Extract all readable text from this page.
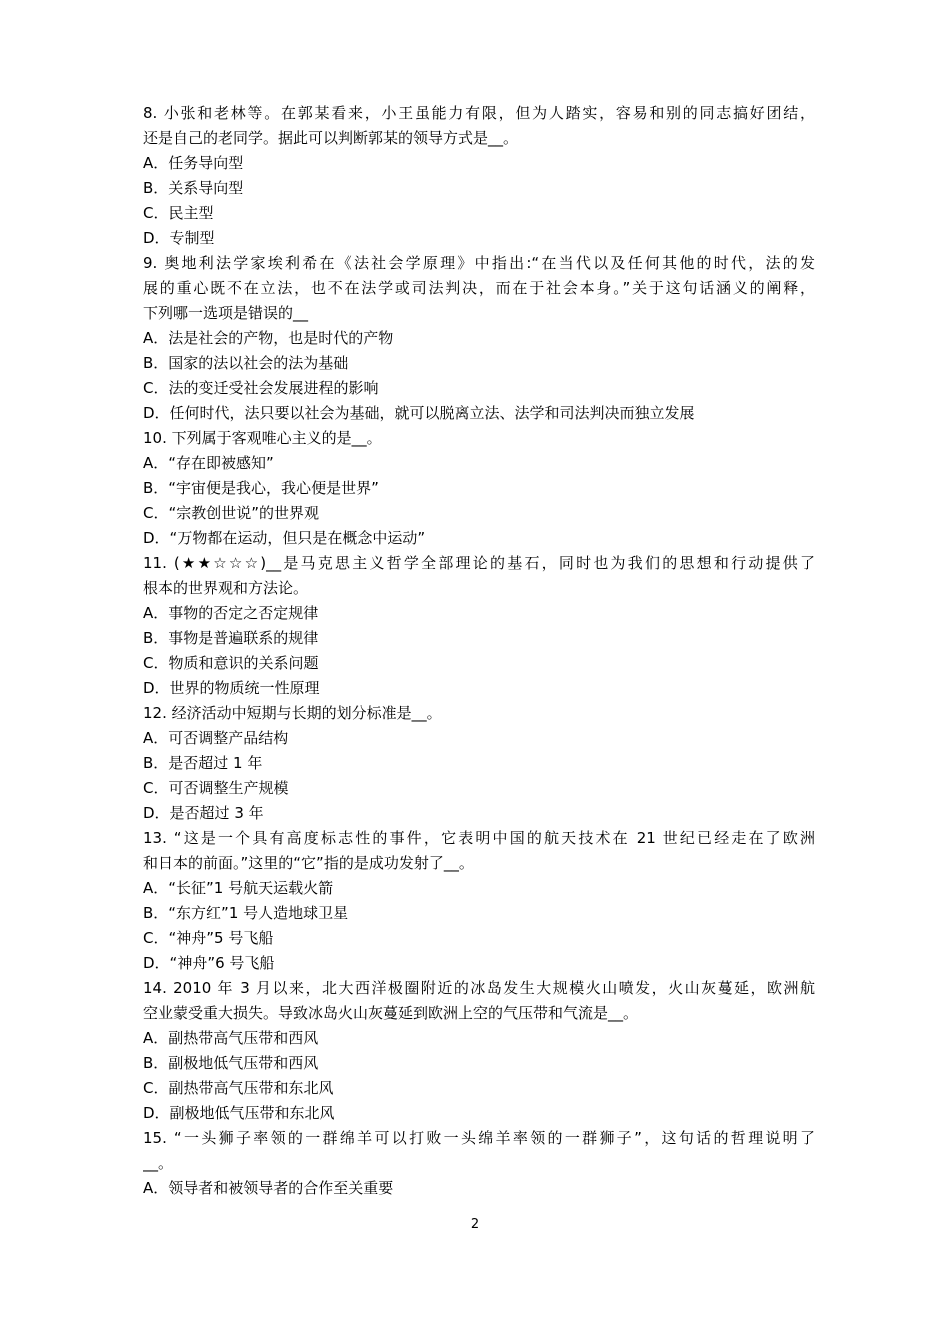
8. 小张和老林等。在郭某看来，小王虽能力有限，但为人踏实，容易和别的同志搞好团结，
还是自己的老同学。据此可以判断郭某的领导方式是__。
A．任务导向型
B．关系导向型
C．民主型
D．专制型
9. 奥地利法学家埃利希在《法社会学原理》中指出:“在当代以及任何其他的时代，法的发
展的重心既不在立法，也不在法学或司法判决，而在于社会本身。”关于这句话涵义的阐释，
下列哪一选项是错误的__
A．法是社会的产物，也是时代的产物
B．国家的法以社会的法为基础
C．法的变迁受社会发展进程的影响
D．任何时代，法只要以社会为基础，就可以脱离立法、法学和司法判决而独立发展
10. 下列属于客观唯心主义的是__。
A．“存在即被感知”
B．“宇宙便是我心，我心便是世界”
C．“宗教创世说”的世界观
D．“万物都在运动，但只是在概念中运动”
11. (★★☆☆☆)__是马克思主义哲学全部理论的基石，同时也为我们的思想和行动提供了
根本的世界观和方法论。
A．事物的否定之否定规律
B．事物是普遍联系的规律
C．物质和意识的关系问题
D．世界的物质统一性原理
12. 经济活动中短期与长期的划分标准是__。
A．可否调整产品结构
B．是否超过 1 年
C．可否调整生产规模
D．是否超过 3 年
13. “这是一个具有高度标志性的事件，它表明中国的航天技术在 21 世纪已经走在了欧洲
和日本的前面。”这里的“它”指的是成功发射了__。
A．“长征”1 号航天运载火箭
B．“东方红”1 号人造地球卫星
C．“神舟”5 号飞船
D．“神舟”6 号飞船
14. 2010 年 3 月以来，北大西洋极圈附近的冰岛发生大规模火山喷发，火山灰蔓延，欧洲航
空业蒙受重大损失。导致冰岛火山灰蔓延到欧洲上空的气压带和气流是__。
A．副热带高气压带和西风
B．副极地低气压带和西风
C．副热带高气压带和东北风
D．副极地低气压带和东北风
15. “一头狮子率领的一群绵羊可以打败一头绵羊率领的一群狮子”，这句话的哲理说明了
__。
A．领导者和被领导者的合作至关重要
2
